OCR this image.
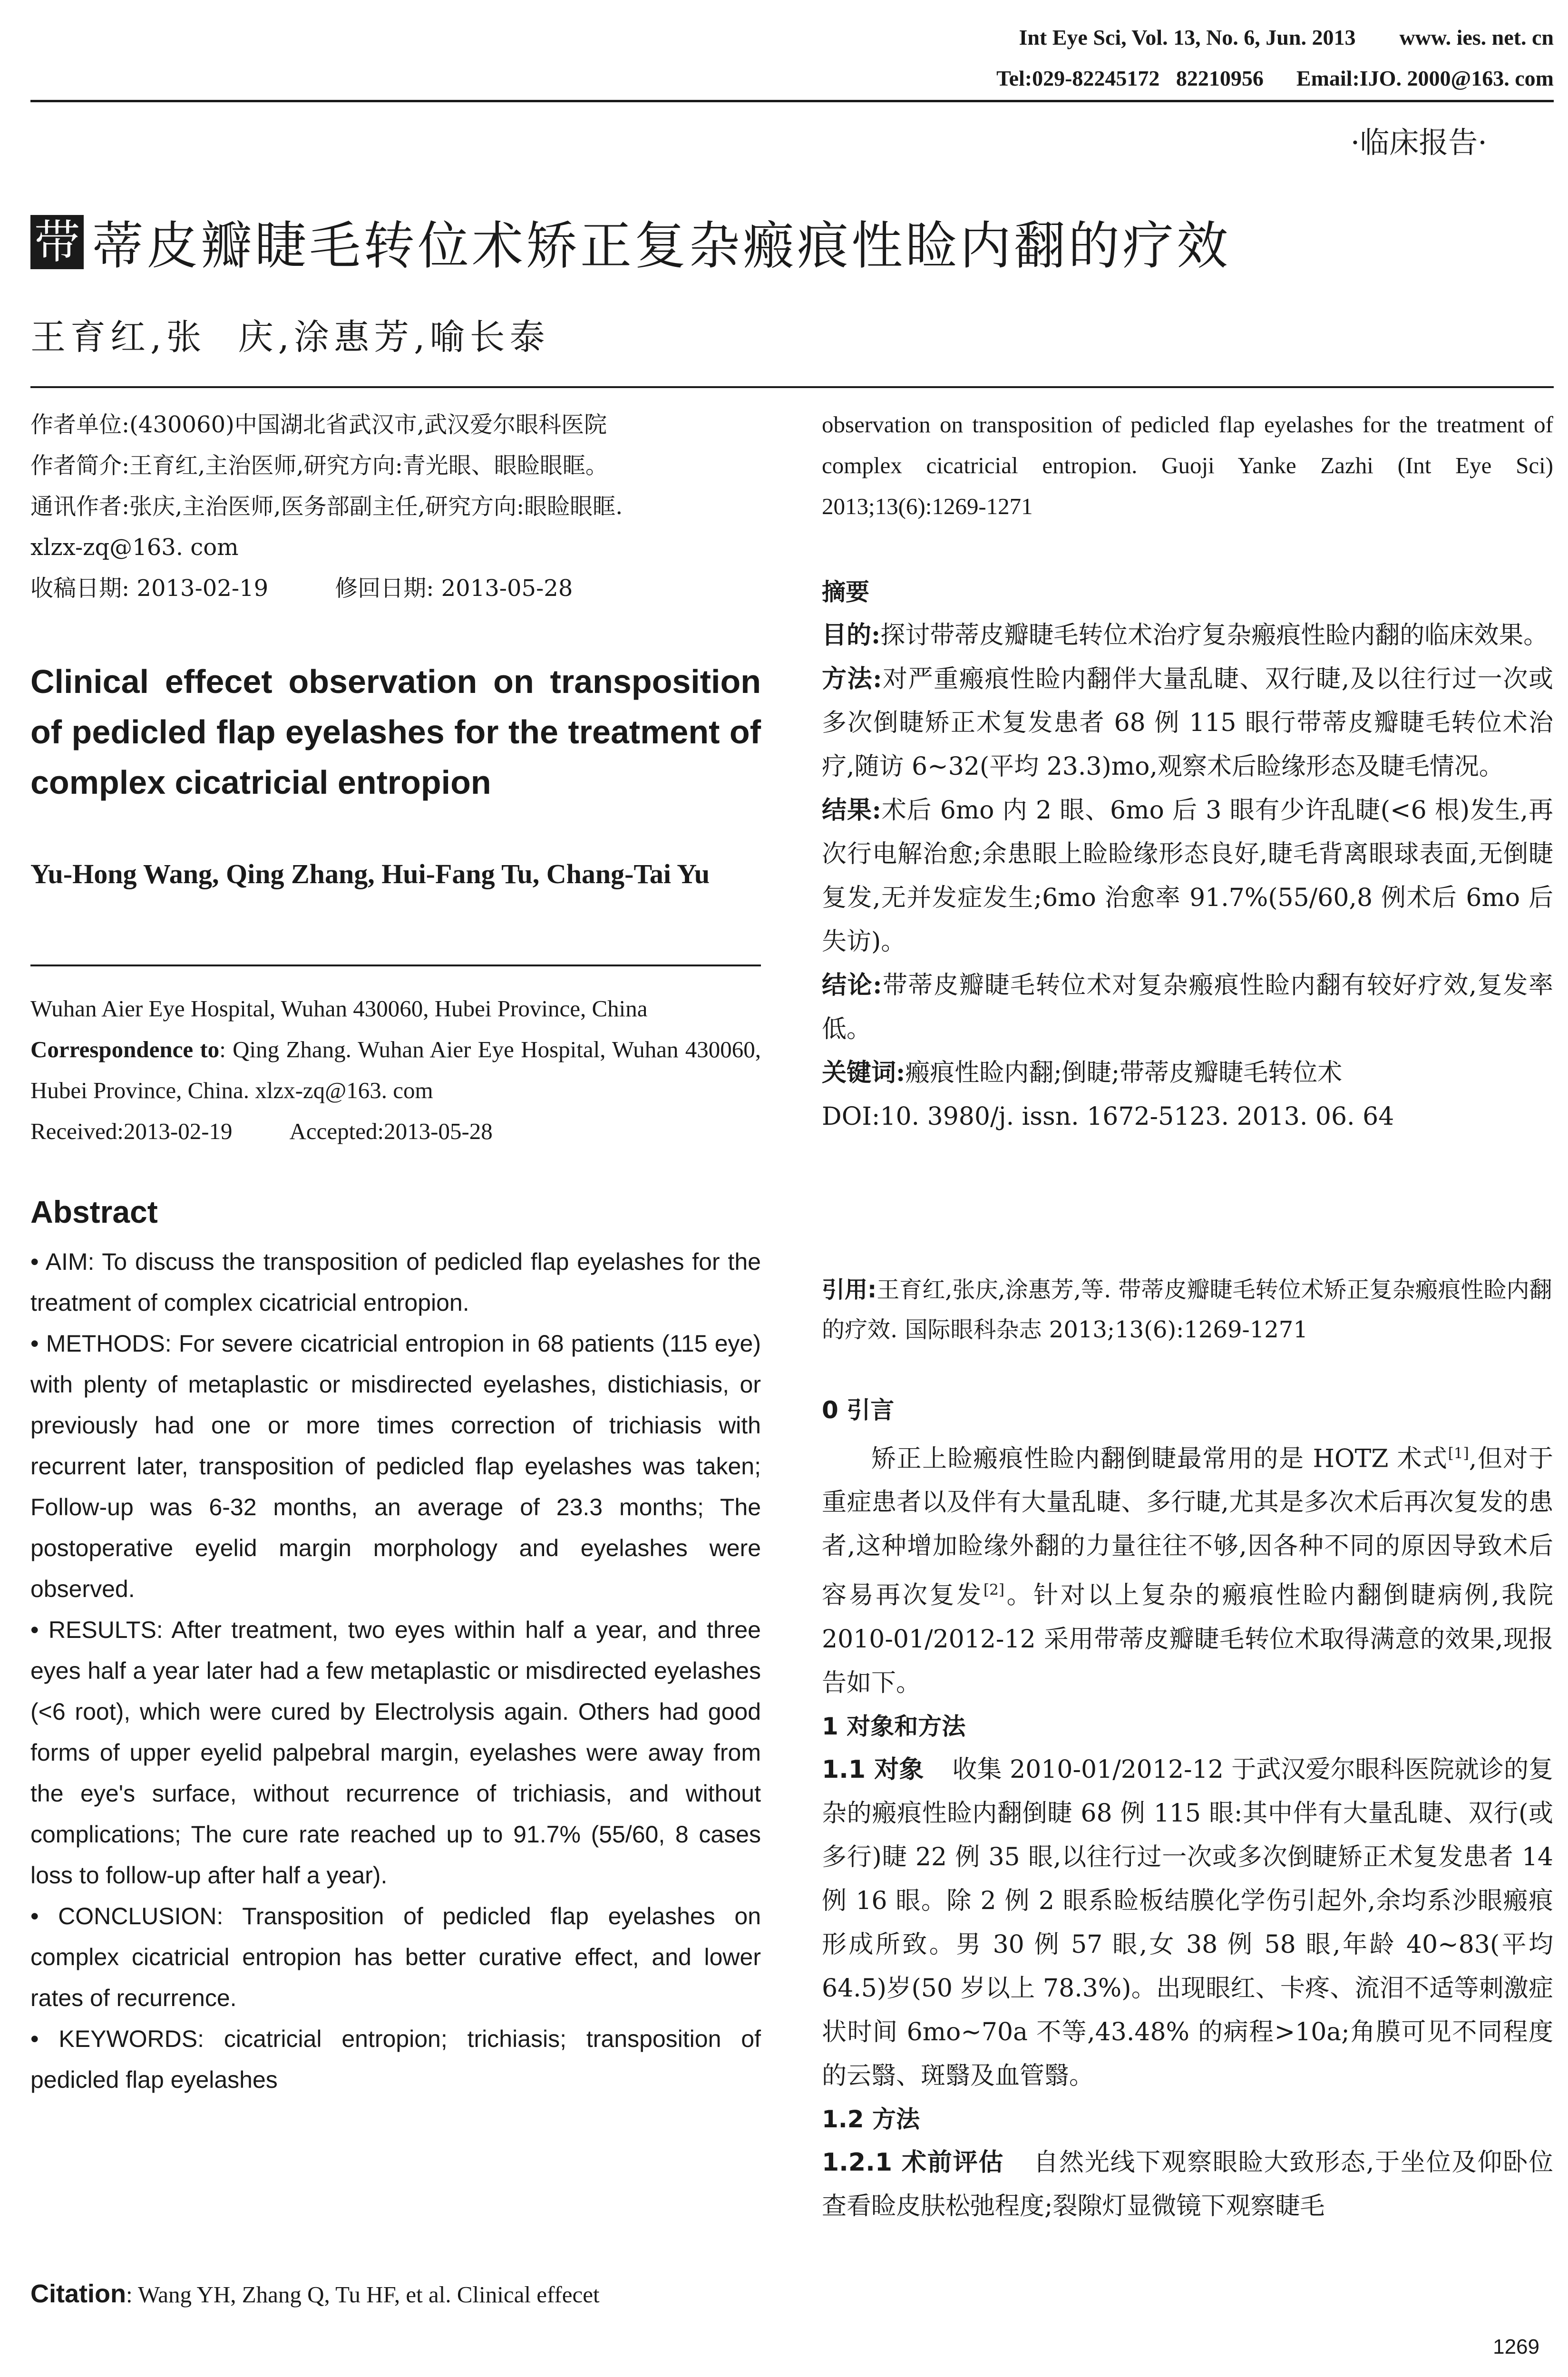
Int Eye Sci, Vol. 13, No. 6, Jun. 2013        www. ies. net. cn
Tel:029-82245172   82210956      Email:IJO. 2000@163. com
·临床报告·
带 蒂皮瓣睫毛转位术矫正复杂瘢痕性睑内翻的疗效
王育红,张  庆,涂惠芳,喻长泰

作者单位:(430060)中国湖北省武汉市,武汉爱尔眼科医院

作者简介:王育红,主治医师,研究方向:青光眼、眼睑眼眶。

通讯作者:张庆,主治医师,医务部副主任,研究方向:眼睑眼眶.

xlzx-zq@163. com

收稿日期: 2013-02-19	修回日期: 2013-05-28

Clinical effecet observation on transposition of pedicled flap eyelashes for the treatment of complex cicatricial entropion
Yu-Hong Wang, Qing Zhang, Hui-Fang Tu, Chang-Tai Yu
Wuhan Aier Eye Hospital, Wuhan 430060, Hubei Province, China
Correspondence to: Qing Zhang. Wuhan Aier Eye Hospital, Wuhan 430060, Hubei Province, China. xlzx-zq@163. com
Received:2013-02-19 Accepted:2013-05-28
Abstract
• AIM: To discuss the transposition of pedicled flap eyelashes for the treatment of complex cicatricial entropion.
• METHODS: For severe cicatricial entropion in 68 patients (115 eye) with plenty of metaplastic or misdirected eyelashes, distichiasis, or previously had one or more times correction of trichiasis with recurrent later, transposition of pedicled flap eyelashes was taken; Follow-up was 6-32 months, an average of 23.3 months; The postoperative eyelid margin morphology and eyelashes were observed.
• RESULTS: After treatment, two eyes within half a year, and three eyes half a year later had a few metaplastic or misdirected eyelashes (<6 root), which were cured by Electrolysis again. Others had good forms of upper eyelid palpebral margin, eyelashes were away from the eye's surface, without recurrence of trichiasis, and without complications; The cure rate reached up to 91.7% (55/60, 8 cases loss to follow-up after half a year).
• CONCLUSION: Transposition of pedicled flap eyelashes on complex cicatricial entropion has better curative effect, and lower rates of recurrence.
• KEYWORDS: cicatricial entropion; trichiasis; transposition of pedicled flap eyelashes
Citation: Wang YH, Zhang Q, Tu HF, et al. Clinical effecet
observation on transposition of pedicled flap eyelashes for the treatment of complex cicatricial entropion. Guoji Yanke Zazhi (Int Eye Sci) 2013;13(6):1269-1271
摘要

目的:探讨带蒂皮瓣睫毛转位术治疗复杂瘢痕性睑内翻的临床效果。

方法:对严重瘢痕性睑内翻伴大量乱睫、双行睫,及以往行过一次或多次倒睫矫正术复发患者 68 例 115 眼行带蒂皮瓣睫毛转位术治疗,随访 6~32(平均 23.3)mo,观察术后睑缘形态及睫毛情况。

结果:术后 6mo 内 2 眼、6mo 后 3 眼有少许乱睫(<6 根)发生,再次行电解治愈;余患眼上睑睑缘形态良好,睫毛背离眼球表面,无倒睫复发,无并发症发生;6mo 治愈率 91.7%(55/60,8 例术后 6mo 后失访)。

结论:带蒂皮瓣睫毛转位术对复杂瘢痕性睑内翻有较好疗效,复发率低。

关键词:瘢痕性睑内翻;倒睫;带蒂皮瓣睫毛转位术

DOI:10. 3980/j. issn. 1672-5123. 2013. 06. 64

引用:王育红,张庆,涂惠芳,等. 带蒂皮瓣睫毛转位术矫正复杂瘢痕性睑内翻的疗效. 国际眼科杂志 2013;13(6):1269-1271
0 引言

矫正上睑瘢痕性睑内翻倒睫最常用的是 HOTZ 术式[1],但对于重症患者以及伴有大量乱睫、多行睫,尤其是多次术后再次复发的患者,这种增加睑缘外翻的力量往往不够,因各种不同的原因导致术后容易再次复发[2]。针对以上复杂的瘢痕性睑内翻倒睫病例,我院 2010-01/2012-12 采用带蒂皮瓣睫毛转位术取得满意的效果,现报告如下。

1 对象和方法

1.1 对象 收集 2010-01/2012-12 于武汉爱尔眼科医院就诊的复杂的瘢痕性睑内翻倒睫 68 例 115 眼:其中伴有大量乱睫、双行(或多行)睫 22 例 35 眼,以往行过一次或多次倒睫矫正术复发患者 14 例 16 眼。除 2 例 2 眼系睑板结膜化学伤引起外,余均系沙眼瘢痕形成所致。男 30 例 57 眼,女 38 例 58 眼,年龄 40~83(平均 64.5)岁(50 岁以上 78.3%)。出现眼红、卡疼、流泪不适等刺激症状时间 6mo~70a 不等,43.48% 的病程>10a;角膜可见不同程度的云翳、斑翳及血管翳。

1.2 方法

1.2.1 术前评估 自然光线下观察眼睑大致形态,于坐位及仰卧位查看睑皮肤松弛程度;裂隙灯显微镜下观察睫毛

1269
